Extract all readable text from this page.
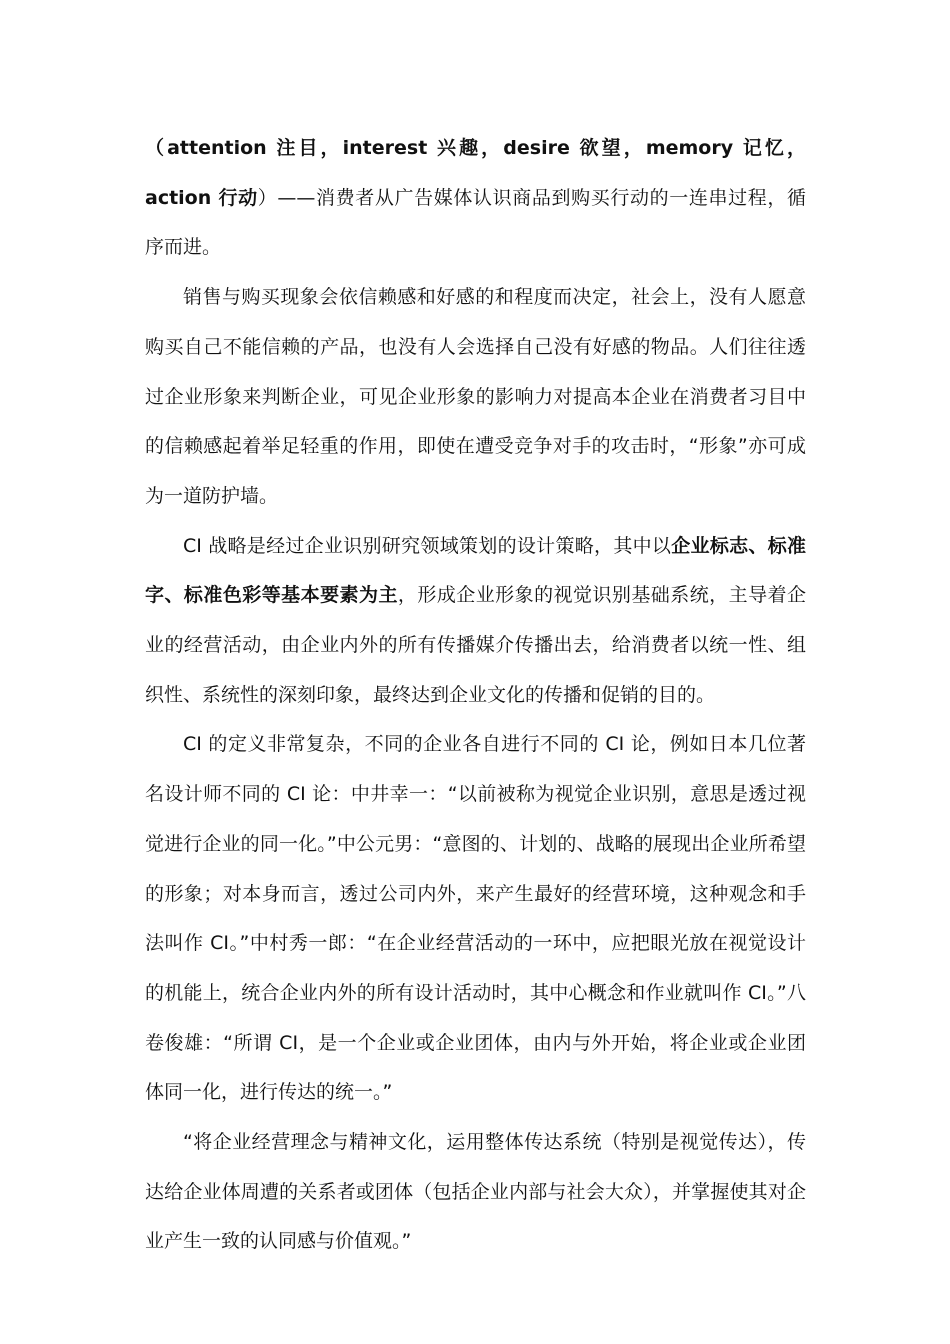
（attention 注目，interest 兴趣，desire 欲望，memory 记忆，action 行动）——消费者从广告媒体认识商品到购买行动的一连串过程，循序而进。

销售与购买现象会依信赖感和好感的和程度而决定，社会上，没有人愿意购买自己不能信赖的产品，也没有人会选择自己没有好感的物品。人们往往透过企业形象来判断企业，可见企业形象的影响力对提高本企业在消费者习目中的信赖感起着举足轻重的作用，即使在遭受竞争对手的攻击时，“形象”亦可成为一道防护墙。

CI 战略是经过企业识别研究领域策划的设计策略，其中以企业标志、标准字、标准色彩等基本要素为主，形成企业形象的视觉识别基础系统，主导着企业的经营活动，由企业内外的所有传播媒介传播出去，给消费者以统一性、组织性、系统性的深刻印象，最终达到企业文化的传播和促销的目的。

CI 的定义非常复杂，不同的企业各自进行不同的 CI 论，例如日本几位著名设计师不同的 CI 论：中井幸一：“以前被称为视觉企业识别，意思是透过视觉进行企业的同一化。”中公元男：“意图的、计划的、战略的展现出企业所希望的形象；对本身而言，透过公司内外，来产生最好的经营环境，这种观念和手法叫作 CI。”中村秀一郎：“在企业经营活动的一环中，应把眼光放在视觉设计的机能上，统合企业内外的所有设计活动时，其中心概念和作业就叫作 CI。”八卷俊雄：“所谓 CI，是一个企业或企业团体，由内与外开始，将企业或企业团体同一化，进行传达的统一。”

“将企业经营理念与精神文化，运用整体传达系统（特别是视觉传达），传达给企业体周遭的关系者或团体（包括企业内部与社会大众），并掌握使其对企业产生一致的认同感与价值观。”
